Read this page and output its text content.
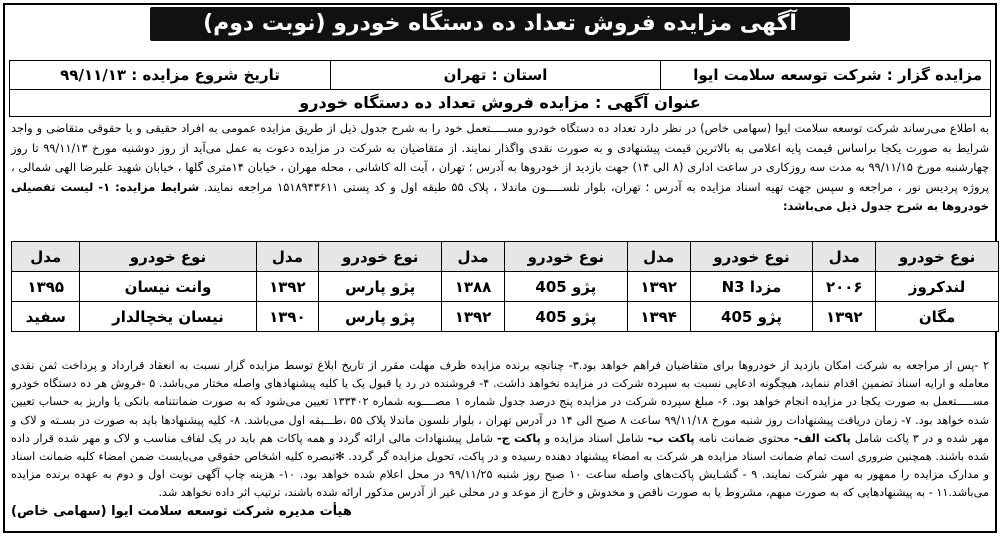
آگهی مزایده فروش تعداد ده دستگاه خودرو (نوبت دوم)
مزایده گزار : شرکت توسعه سلامت ایوا
استان : تهران
تاریخ شروع مزایده : ۹۹/۱۱/۱۳
عنوان آگهی : مزایده فروش تعداد ده دستگاه خودرو
به اطلاع می‌رساند شرکت توسعه سلامت ایوا (سهامی خاص) در نظر دارد تعداد ده دستگاه خودرو مســـــتعمل خود را به شرح جدول ذیل از طریق مزایده عمومی به افراد حقیقی و یا حقوقی متقاضی و واجد شرایط به صورت یکجا براساس قیمت پایه اعلامی به بالاترین قیمت پیشنهادی و به صورت نقدی واگذار نمایند. از متقاضیان به شرکت در مزایده دعوت به عمل می‌آید از روز دوشنبه مورخ ۹۹/۱۱/۱۳ تا روز چهارشنبه مورخ ۹۹/۱۱/۱۵ به مدت سه روزکاری در ساعت اداری (۸ الی ۱۴) جهت بازدید از خودروها به آدرس ؛ تهران ، آیت اله کاشانی ، محله مهران ، خیابان ۱۴متری گلها ، خیابان شهید علیرضا الهی شمالی ، پروژه پردیس نور ، مراجعه و سپس جهت تهیه اسناد مزایده به آدرس ؛ تهران، بلوار نلســـــون ماندلا ، پلاک ۵۵ طبقه اول و کد پستی ۱۵۱۸۹۴۳۶۱۱ مراجعه نمایند. شرایط مزایده: ۱- لیست تفصیلی خودروها به شرح جدول ذیل می‌باشد:
نوع خودرو	مدل	نوع خودرو	مدل	نوع خودرو	مدل	نوع خودرو	مدل	نوع خودرو	مدل
لندکروز	۲۰۰۶	مزدا N3	۱۳۹۲	پژو 405	۱۳۸۸	پژو پارس	۱۳۹۲	وانت نیسان	۱۳۹۵
مگان	۱۳۹۲	پژو 405	۱۳۹۴	پژو 405	۱۳۹۲	پژو پارس	۱۳۹۰	نیسان یخچالدار	سفید
۲ -پس از مراجعه به شرکت امکان بازدید از خودروها برای متقاضیان فراهم خواهد بود.۳- چنانچه برنده مزایده ظرف مهلت مقرر از تاریخ ابلاغ توسط مزایده گزار نسبت به انعقاد قرارداد و پرداخت ثمن نقدی معامله و ارایه اسناد تضمین اقدام ننماید، هیچگونه ادعایی نسبت به سپرده شرکت در مزایده نخواهد داشت. ۴- فروشنده در رد یا قبول یک یا کلیه پیشنهادهای واصله مختار می‌باشد. ۵ -فروش هر ده دستگاه خودرو مســـــتعمل به صورت یکجا در مزایده انجام خواهد بود. ۶- مبلغ سپرده شرکت در مزایده پنج درصد جدول شماره ۱ مصــــوبه شماره ۱۳۳۴۰۲ تعیین می‌شود که به صورت ضمانتنامه بانکی یا واریز به حساب تعیین شده خواهد بود. ۷- زمان دریافت پیشنهادات روز شنبه مورخ ۹۹/۱۱/۱۸ ساعت ۸ صبح الی ۱۴ در آدرس تهران ، بلوار نلسون ماندلا پلاک ۵۵ ،طـــبقه اول می‌باشد. ۸- کلیه پیشنهادها باید به صورت در بسـته و لاک و مهر شده و در ۳ پاکت شامل پاکت الف- محتوی ضمانت نامه پاکت ب- شامل اسناد مزایده و پاکت ج- شامل پیشنهادات مالی ارائه گردد و همه پاکات هم باید در یک لفاف مناسب و لاک و مهر شده قرار داده شده باشند. همچنین ضروری است تمام ضمانت اسناد مزایده هر شرکت به امضاء پیشنهاد دهنده رسیده و در پاکت، تحویل مزایده گر گردد. ✻تبصره کلیه اشخاص حقوقی می‌بایست ضمن امضاء کلیه ضمانت اسناد و مدارک مزایده را ممهور به مهر شرکت نمایند. ۹ - گشـایش پاکت‌های واصله ساعت ۱۰ صبح روز شنبه ۹۹/۱۱/۲۵ در محل اعلام شده خواهد بود. ۱۰- هزینه چاپ آگهی نوبت اول و دوم به عهده برنده مزایده می‌باشد.۱۱ - به پیشنهادهایی که به صورت مبهم، مشروط یا به صورت ناقص و مخدوش و خارج از موعد و در محلی غیر از آدرس مذکور ارائه شده باشند، ترتیب اثر داده نخواهد شد.
هیأت مدیره شرکت توسعه سلامت ایوا (سهامی خاص)
